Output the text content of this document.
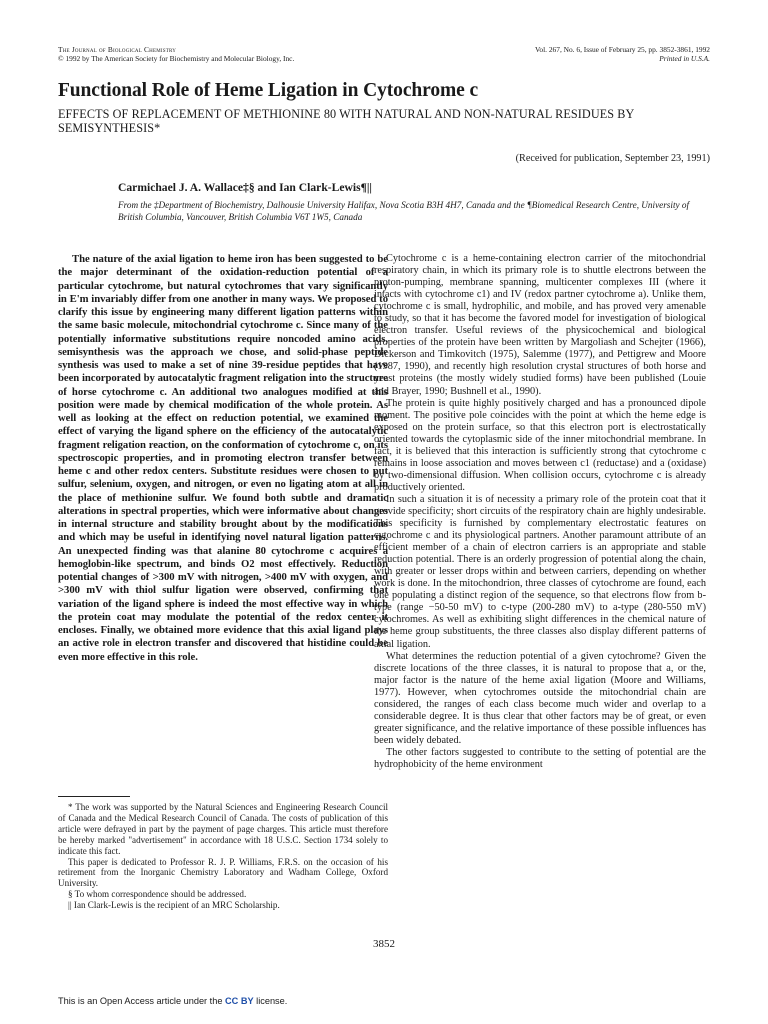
The Journal of Biological Chemistry
© 1992 by The American Society for Biochemistry and Molecular Biology, Inc.
Vol. 267, No. 6, Issue of February 25, pp. 3852-3861, 1992
Printed in U.S.A.
Functional Role of Heme Ligation in Cytochrome c
EFFECTS OF REPLACEMENT OF METHIONINE 80 WITH NATURAL AND NON-NATURAL RESIDUES BY SEMISYNTHESIS*
(Received for publication, September 23, 1991)
Carmichael J. A. Wallace‡§ and Ian Clark-Lewis¶||
From the ‡Department of Biochemistry, Dalhousie University Halifax, Nova Scotia B3H 4H7, Canada and the ¶Biomedical Research Centre, University of British Columbia, Vancouver, British Columbia V6T 1W5, Canada
The nature of the axial ligation to heme iron has been suggested to be the major determinant of the oxidation-reduction potential of a particular cytochrome, but natural cytochromes that vary significantly in E'm invariably differ from one another in many ways. We proposed to clarify this issue by engineering many different ligation patterns within the same basic molecule, mitochondrial cytochrome c. Since many of the potentially informative substitutions require noncoded amino acids, semisynthesis was the approach we chose, and solid-phase peptide synthesis was used to make a set of nine 39-residue peptides that have been incorporated by autocatalytic fragment religation into the structure of horse cytochrome c. An additional two analogues modified at this position were made by chemical modification of the whole protein. As well as looking at the effect on reduction potential, we examined the effect of varying the ligand sphere on the efficiency of the autocatalytic fragment religation reaction, on the conformation of cytochrome c, on its spectroscopic properties, and in promoting electron transfer between heme c and other redox centers. Substitute residues were chosen to put sulfur, selenium, oxygen, and nitrogen, or even no ligating atom at all in the place of methionine sulfur. We found both subtle and dramatic alterations in spectral properties, which were informative about changes in internal structure and stability brought about by the modifications and which may be useful in identifying novel natural ligation patterns. An unexpected finding was that alanine 80 cytochrome c acquires a hemoglobin-like spectrum, and binds O2 most effectively. Reduction potential changes of >300 mV with nitrogen, >400 mV with oxygen, and >300 mV with thiol sulfur ligation were observed, confirming that variation of the ligand sphere is indeed the most effective way in which the protein coat may modulate the potential of the redox center it encloses. Finally, we obtained more evidence that this axial ligand plays an active role in electron transfer and discovered that histidine could be even more effective in this role.

* The work was supported by the Natural Sciences and Engineering Research Council of Canada and the Medical Research Council of Canada. The costs of publication of this article were defrayed in part by the payment of page charges. This article must therefore be hereby marked "advertisement" in accordance with 18 U.S.C. Section 1734 solely to indicate this fact.

This paper is dedicated to Professor R. J. P. Williams, F.R.S. on the occasion of his retirement from the Inorganic Chemistry Laboratory and Wadham College, Oxford University.

§ To whom correspondence should be addressed.

|| Ian Clark-Lewis is the recipient of an MRC Scholarship.

Cytochrome c is a heme-containing electron carrier of the mitochondrial respiratory chain, in which its primary role is to shuttle electrons between the proton-pumping, membrane spanning, multicenter complexes III (where it intacts with cytochrome c1) and IV (redox partner cytochrome a). Unlike them, cytochrome c is small, hydrophilic, and mobile, and has proved very amenable to study, so that it has become the favored model for investigation of biological electron transfer. Useful reviews of the physicochemical and biological properties of the protein have been written by Margoliash and Schejter (1966), Dickerson and Timkovitch (1975), Salemme (1977), and Pettigrew and Moore (1987, 1990), and recently high resolution crystal structures of both horse and yeast proteins (the mostly widely studied forms) have been published (Louie and Brayer, 1990; Bushnell et al., 1990).

The protein is quite highly positively charged and has a pronounced dipole moment. The positive pole coincides with the point at which the heme edge is exposed on the protein surface, so that this electron port is electrostatically oriented towards the cytoplasmic side of the inner mitochondrial membrane. In fact, it is believed that this interaction is sufficiently strong that cytochrome c remains in loose association and moves between c1 (reductase) and a (oxidase) by two-dimensional diffusion. When collision occurs, cytochrome c is already productively oriented.

In such a situation it is of necessity a primary role of the protein coat that it provide specificity; short circuits of the respiratory chain are highly undesirable. This specificity is furnished by complementary electrostatic features on cytochrome c and its physiological partners. Another paramount attribute of an efficient member of a chain of electron carriers is an appropriate and stable reduction potential. There is an orderly progression of potential along the chain, with greater or lesser drops within and between carriers, depending on whether work is done. In the mitochondrion, three classes of cytochrome are found, each one populating a distinct region of the sequence, so that electrons flow from b-type (range −50-50 mV) to c-type (200-280 mV) to a-type (280-550 mV) cytochromes. As well as exhibiting slight differences in the chemical nature of the heme group substituents, the three classes also display different patterns of axial ligation.

What determines the reduction potential of a given cytochrome? Given the discrete locations of the three classes, it is natural to propose that a, or the, major factor is the nature of the heme axial ligation (Moore and Williams, 1977). However, when cytochromes outside the mitochondrial chain are considered, the ranges of each class become much wider and overlap to a considerable degree. It is thus clear that other factors may be of great, or even greater significance, and the relative importance of these possible influences has been widely debated.

The other factors suggested to contribute to the setting of potential are the hydrophobicity of the heme environment

3852
This is an Open Access article under the CC BY license.
